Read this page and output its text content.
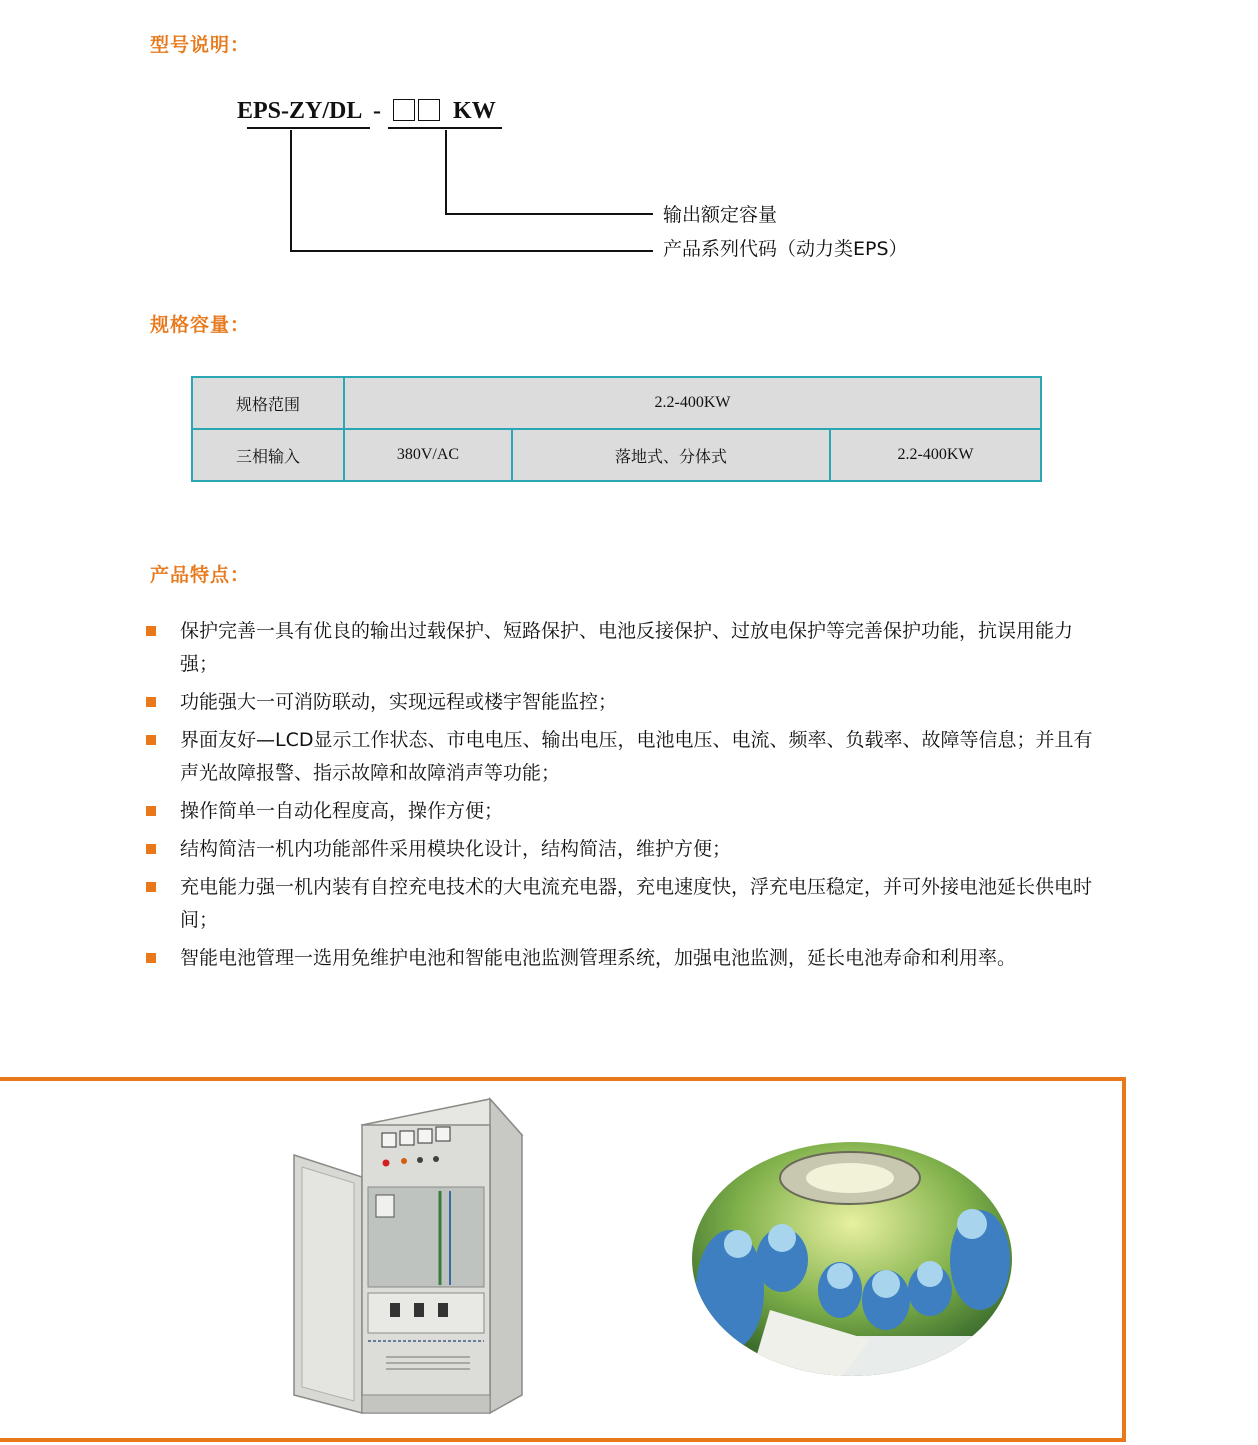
型号说明：
EPS-ZY/DL -	KW
输出额定容量
产品系列代码（动力类EPS）
规格容量：
规格范围	2.2-400KW		
三相输入	380V/AC	落地式、分体式	2.2-400KW
产品特点：
保护完善一具有优良的输出过载保护、短路保护、电池反接保护、过放电保护等完善保护功能，抗误用能力强；
功能强大一可消防联动，实现远程或楼宇智能监控；
界面友好—LCD显示工作状态、市电电压、输出电压，电池电压、电流、频率、负载率、故障等信息；并且有声光故障报警、指示故障和故障消声等功能；
操作简单一自动化程度高，操作方便；
结构简洁一机内功能部件采用模块化设计，结构简洁，维护方便；
充电能力强一机内装有自控充电技术的大电流充电器，充电速度快，浮充电压稳定，并可外接电池延长供电时间；
智能电池管理一选用免维护电池和智能电池监测管理系统，加强电池监测，延长电池寿命和利用率。
